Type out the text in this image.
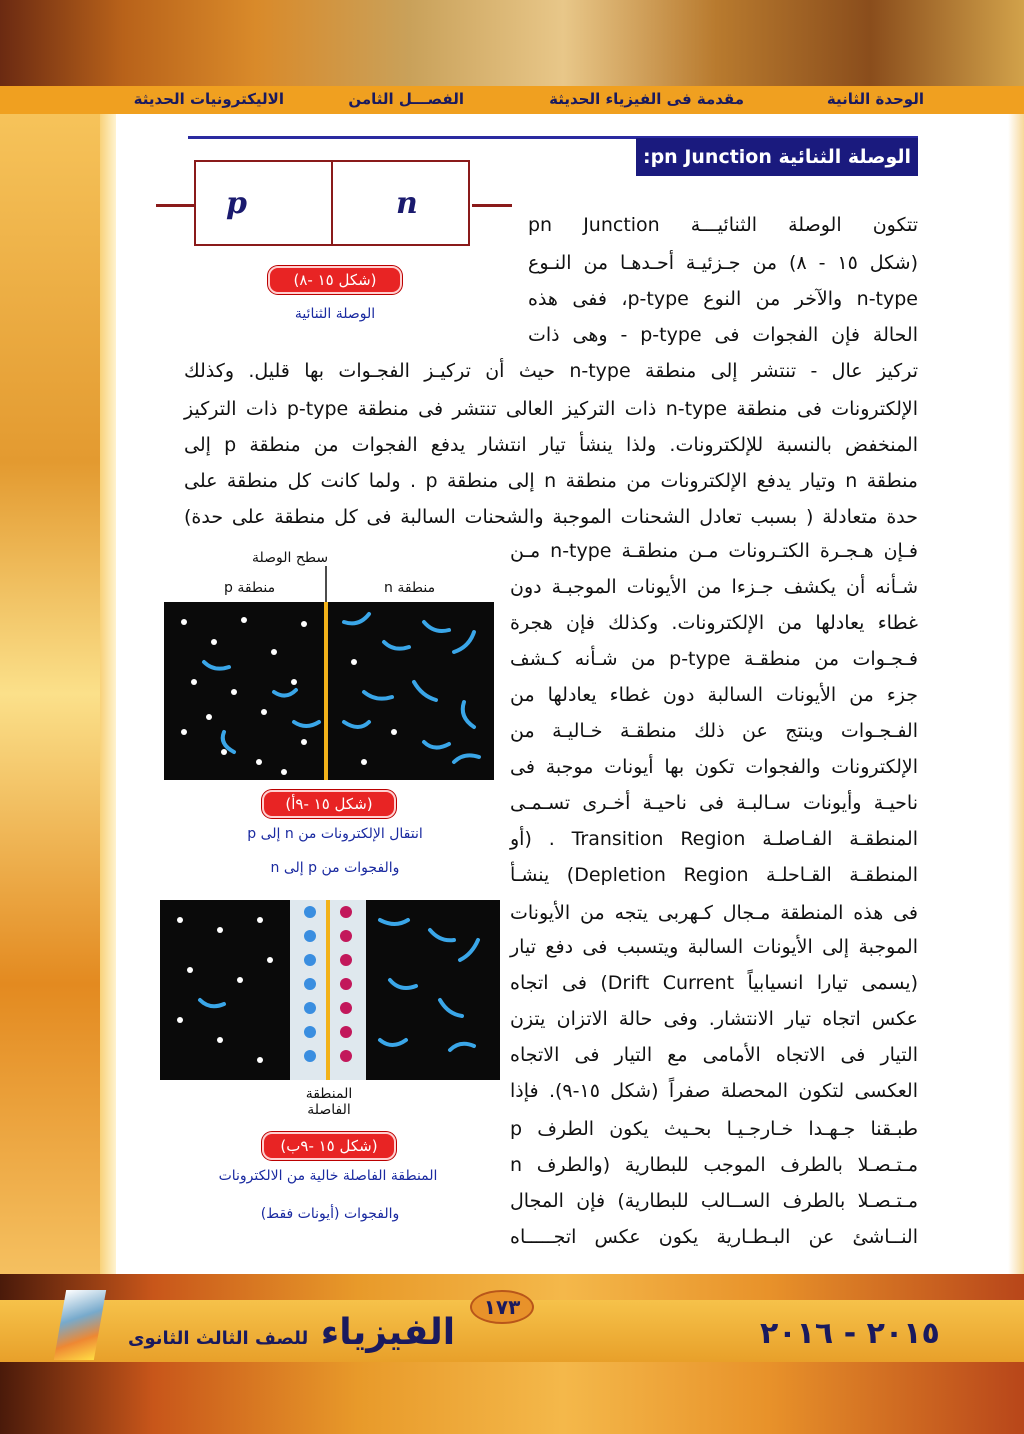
الوحدة الثانية
مقدمة فى الفيزياء الحديثة
الفصـــل الثامن
الاليكترونيات الحديثة
الوصلة الثنائية pn Junction:
p	n
(شكل ١٥ -٨)
الوصلة الثنائية
تتكون الوصلة الثنائيـــة pn Junction
(شكل ١٥ - ٨) من جـزئيـة أحـدهـا من النـوع
n-type والآخر من النوع p-type، ففى هذه
الحالة فإن الفجوات فى p-type - وهى ذات
تركيز عال - تنتشر إلى منطقة n-type حيث أن تركيـز الفجـوات بها قليل. وكذلك
الإلكترونات فى منطقة n-type ذات التركيز العالى تنتشر فى منطقة p-type ذات التركيز
المنخفض بالنسبة للإلكترونات. ولذا ينشأ تيار انتشار يدفع الفجوات من منطقة p إلى
منطقة n وتيار يدفع الإلكترونات من منطقة n إلى منطقة p . ولما كانت كل منطقة على
حدة متعادلة ( بسبب تعادل الشحنات الموجبة والشحنات السالبة فى كل منطقة على حدة)
فـإن هـجـرة الكتـرونات مـن منطقـة n-type مـن
شـأنه أن يكشف جـزءا من الأيونات الموجبـة دون
غطاء يعادلها من الإلكترونات. وكذلك فإن هجرة
فـجـوات من منطقـة p-type من شـأنه كـشف
جزء من الأيونات السالبة دون غطاء يعادلها من
الفـجـوات وينتج عن ذلك منطقـة خـاليـة من
الإلكترونات والفجوات تكون بها أيونات موجبة فى
ناحيـة وأيونات سـالبـة فى ناحيـة أخـرى تسـمـى
المنطقـة الفـاصلـة Transition Region . (أو
المنطقـة القـاحلـة Depletion Region) ينشـأ
فى هذه المنطقة مـجال كـهربى يتجه من الأيونات
الموجبة إلى الأيونات السالبة ويتسبب فى دفع تيار
(يسمى تيارا انسيابياً Drift Current) فى اتجاه
عكس اتجاه تيار الانتشار. وفى حالة الاتزان يتزن
التيار فى الاتجاه الأمامى مع التيار فى الاتجاه
العكسى لتكون المحصلة صفراً (شكل ١٥-٩). فإذا
طبـقنا جـهـدا خـارجـيـا بحـيث يكون الطرف p
مـتـصـلا بالطرف الموجب للبطارية (والطرف n
مـتـصـلا بالطرف الســالب للبطارية) فإن المجال
النــاشئ عن البـطـارية يكون عكس اتجـــــاه
سطح الوصلة
منطقة p	منطقة n
(شكل ١٥ -٩أ)
انتقال الإلكترونات من n إلى p
والفجوات من p إلى n
المنطقة الفاصلة
(شكل ١٥ -٩ب)
المنطقة الفاصلة خالية من الالكترونات
والفجوات (أيونات فقط)
١٧٣
الفيزياء للصف الثالث الثانوى	٢٠١٥ - ٢٠١٦
